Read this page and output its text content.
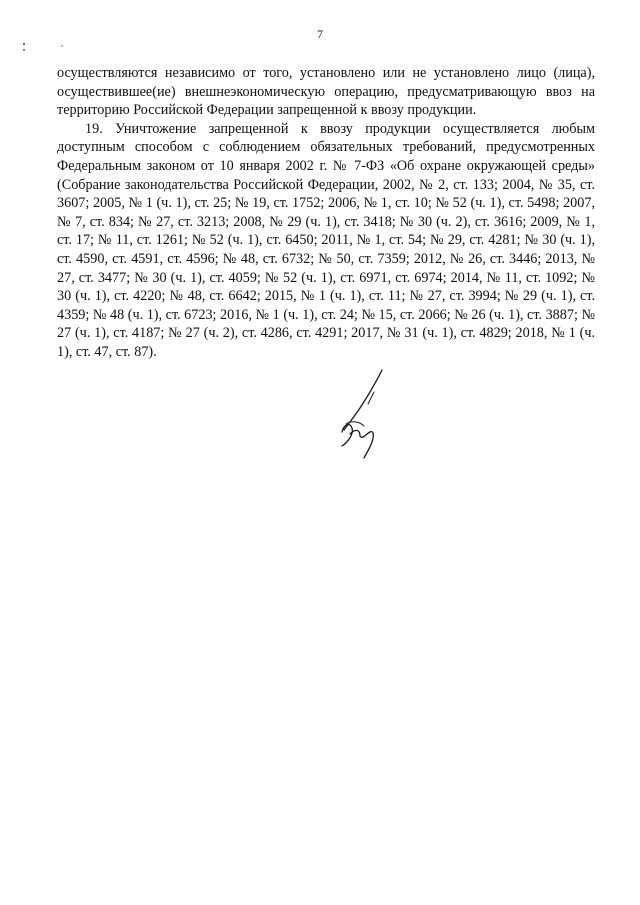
7

осуществляются независимо от того, установлено или не установлено лицо (лица), осуществившее(ие) внешнеэкономическую операцию, предусматривающую ввоз на территорию Российской Федерации запрещенной к ввозу продукции.

19. Уничтожение запрещенной к ввозу продукции осуществляется любым доступным способом с соблюдением обязательных требований, предусмотренных Федеральным законом от 10 января 2002 г. № 7-ФЗ «Об охране окружающей среды» (Собрание законодательства Российской Федерации, 2002, № 2, ст. 133; 2004, № 35, ст. 3607; 2005, № 1 (ч. 1), ст. 25; № 19, ст. 1752; 2006, № 1, ст. 10; № 52 (ч. 1), ст. 5498; 2007, № 7, ст. 834; № 27, ст. 3213; 2008, № 29 (ч. 1), ст. 3418; № 30 (ч. 2), ст. 3616; 2009, № 1, ст. 17; № 11, ст. 1261; № 52 (ч. 1), ст. 6450; 2011, № 1, ст. 54; № 29, ст. 4281; № 30 (ч. 1), ст. 4590, ст. 4591, ст. 4596; № 48, ст. 6732; № 50, ст. 7359; 2012, № 26, ст. 3446; 2013, № 27, ст. 3477; № 30 (ч. 1), ст. 4059; № 52 (ч. 1), ст. 6971, ст. 6974; 2014, № 11, ст. 1092; № 30 (ч. 1), ст. 4220; № 48, ст. 6642; 2015, № 1 (ч. 1), ст. 11; № 27, ст. 3994; № 29 (ч. 1), ст. 4359; № 48 (ч. 1), ст. 6723; 2016, № 1 (ч. 1), ст. 24; № 15, ст. 2066; № 26 (ч. 1), ст. 3887; № 27 (ч. 1), ст. 4187; № 27 (ч. 2), ст. 4286, ст. 4291; 2017, № 31 (ч. 1), ст. 4829; 2018, № 1 (ч. 1), ст. 47, ст. 87).
